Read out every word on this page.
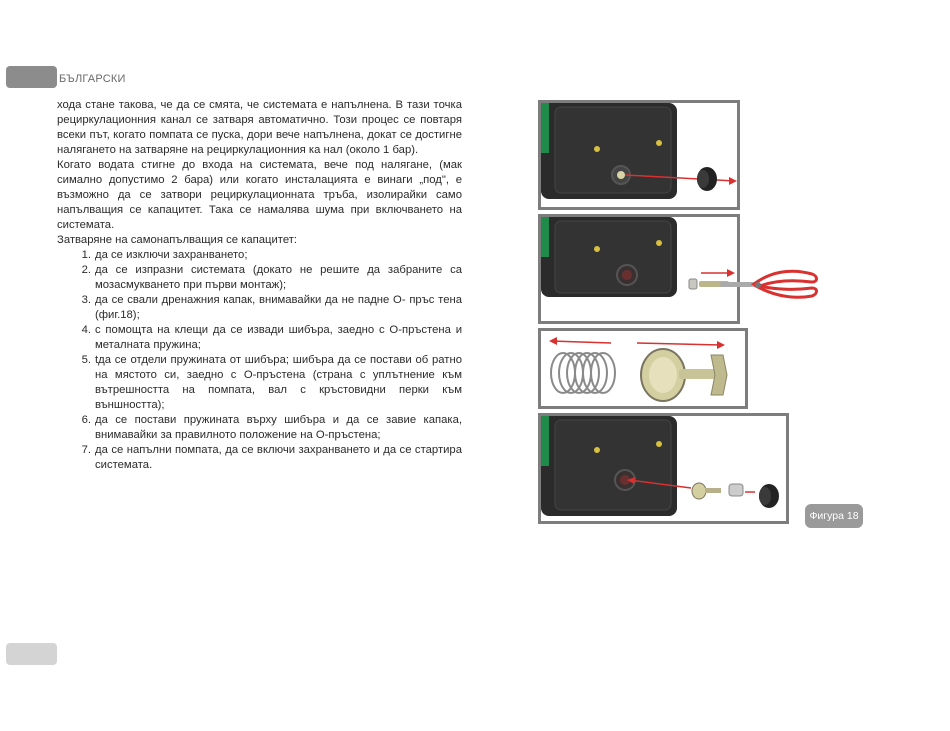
БЪЛГАРСКИ

хода стане такова, че да се смята, че системата е напълнена. В тази точка рециркулационния канал се затваря автоматично. Този процес се повтаря всеки път, когато помпата се пуска, дори вече напълнена, докат се достигне налягането на затваряне на рециркулационния ка нал (около 1 бар).

Когато водата стигне до входа на системата, вече под налягане, (мак симално допустимо 2 бара) или когато инсталацията е винаги „под", е възможно да се затвори рециркулационната тръба, изолирайки само напълващия се капацитет. Така се намалява шума при включването на системата.

Затваряне на самонапълващия се капацитет:

1. да се изключи захранването;
2. да се изпразни системата (докато не решите да забраните са мозасмукването при първи монтаж);
3. да се свали дренажния капак, внимавайки да не падне О- пръс тена (фиг.18);
4. с помощта на клещи да се извади шибъра, заедно с О-пръстена и металната пружина;
5. tда се отдели пружината от шибъра; шибъра да се постави об ратно на мястото си, заедно с О-пръстена (страна с уплътнение към вътрешността на помпата, вал с кръстовидни перки към външността);
6. да се постави пружината върху шибъра и да се завие капака, внимавайки за правилното положение на О-пръстена;
7. да се напълни помпата, да се включи захранването и да се стартира системата.
Фигура 18
